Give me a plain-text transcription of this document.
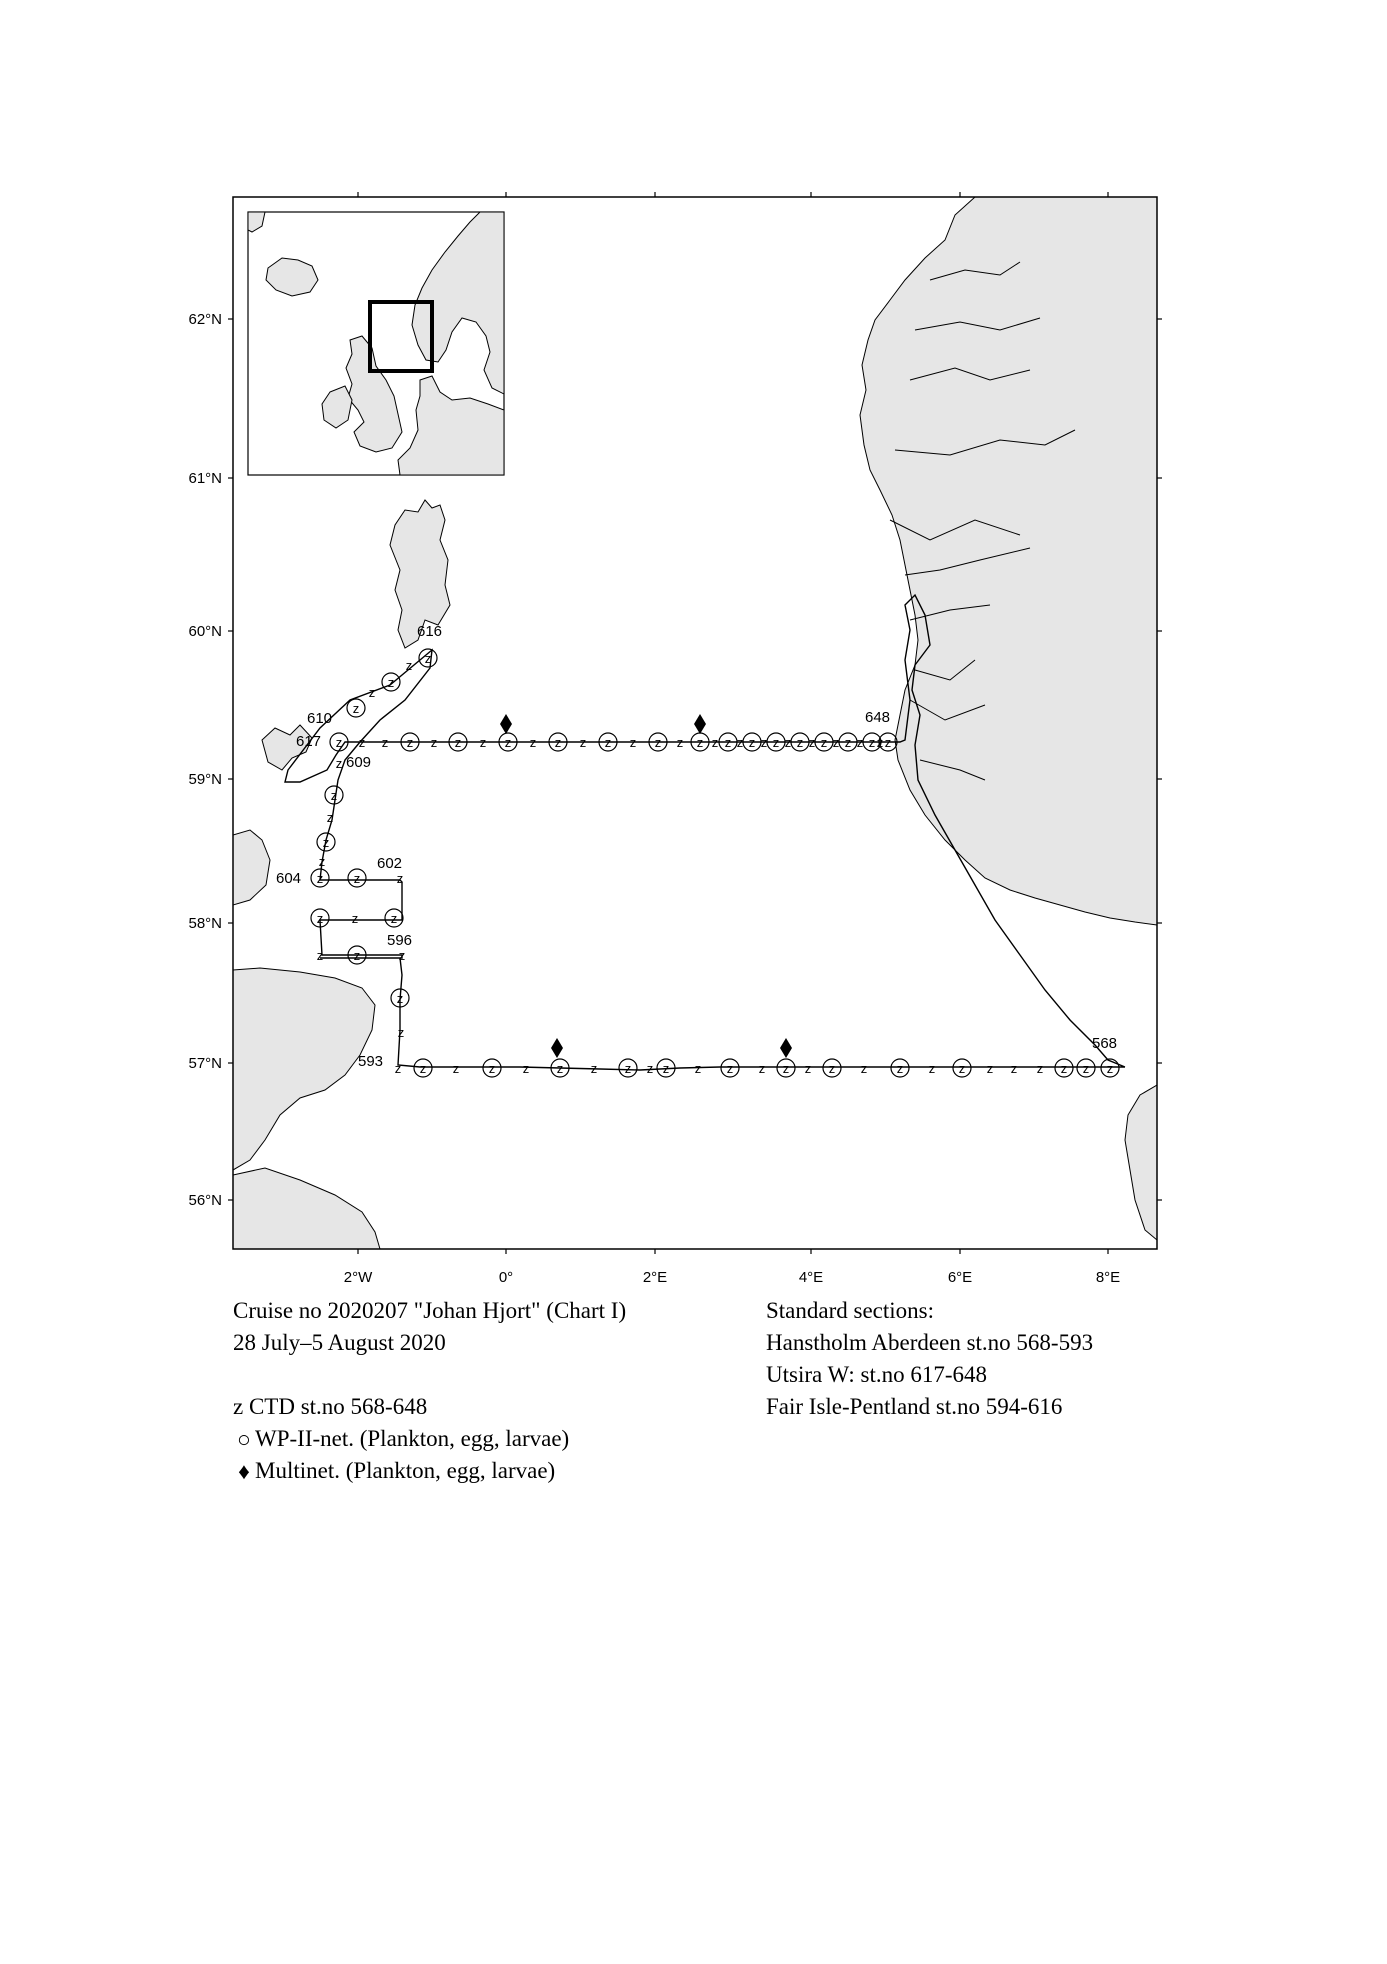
62°N
61°N
60°N
59°N
58°N
57°N
56°N
2°W	0°	2°E	4°E	6°E	8°E
z
z
z
z
z
z
z
z
z
z
z
z z	z
z z	z
z z	z
z
z
z
z z z z z z z z z z z z z z z z z z z z z z z z z z z z z z z
z z z z z z z z z z z z z z z z z z z z z z z z z
616
610
617
609
648
602
604
596
593
568
Cruise no 2020207 "Johan Hjort" (Chart I)
28 July–5 August 2020
z CTD st.no 568-648
○ WP-II-net. (Plankton, egg, larvae)
♦ Multinet. (Plankton, egg, larvae)
Standard sections:
Hanstholm Aberdeen st.no 568-593
Utsira W: st.no 617-648
Fair Isle-Pentland st.no 594-616
